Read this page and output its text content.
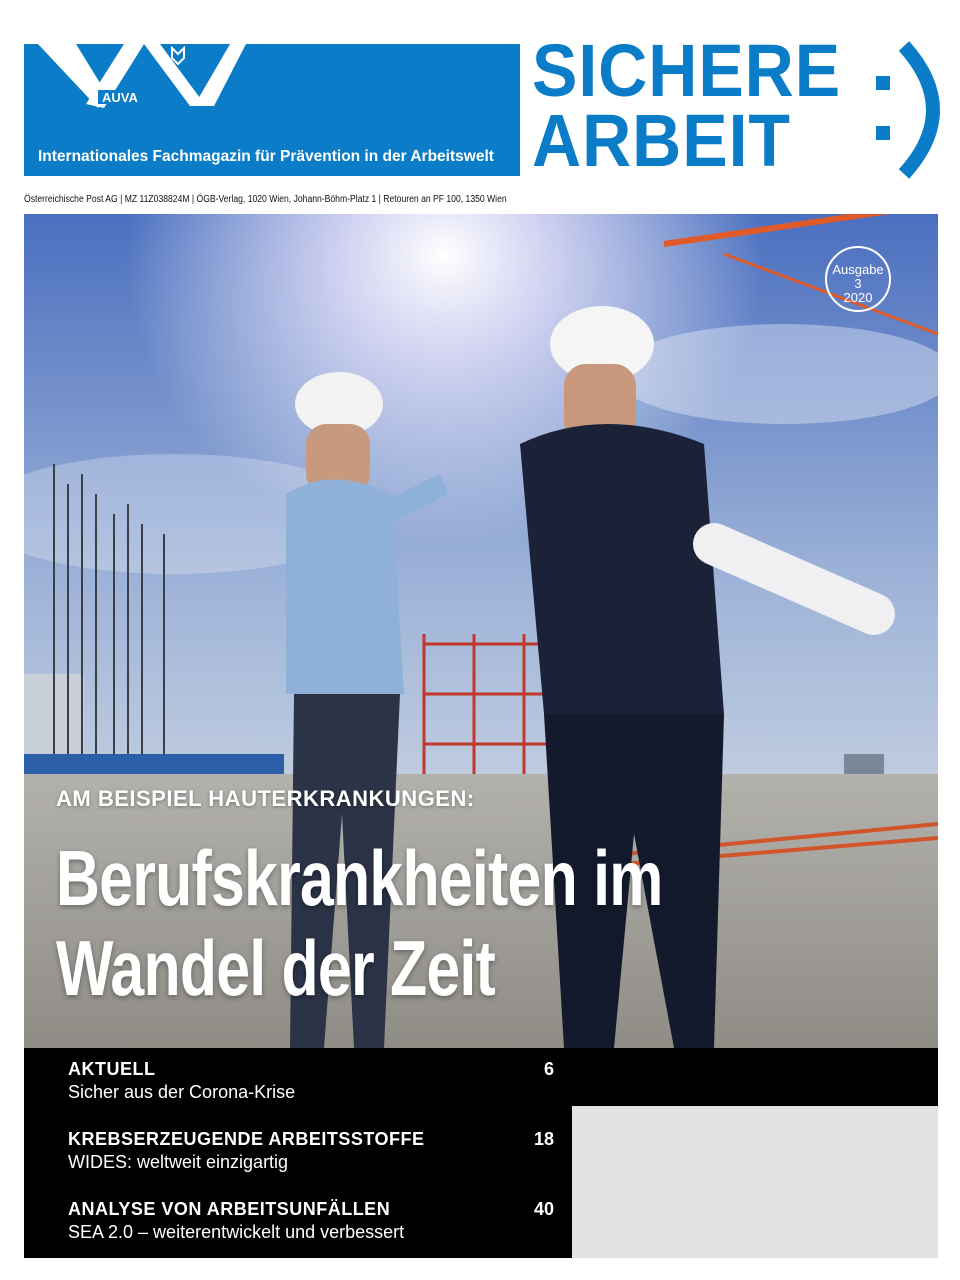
AUVA
Internationales Fachmagazin für Prävention in der Arbeitswelt
SICHERE
ARBEIT
Österreichische Post AG | MZ 11Z038824M | ÖGB-Verlag, 1020 Wien, Johann-Böhm-Platz 1 | Retouren an PF 100, 1350 Wien
Ausgabe
3
2020
AM BEISPIEL HAUTERKRANKUNGEN:
Berufskrankheiten im
Wandel der Zeit
AKTUELL	6
Sicher aus der Corona-Krise
KREBSERZEUGENDE ARBEITSSTOFFE	18
WIDES: weltweit einzigartig
ANALYSE VON ARBEITSUNFÄLLEN	40
SEA 2.0 – weiterentwickelt und verbessert
